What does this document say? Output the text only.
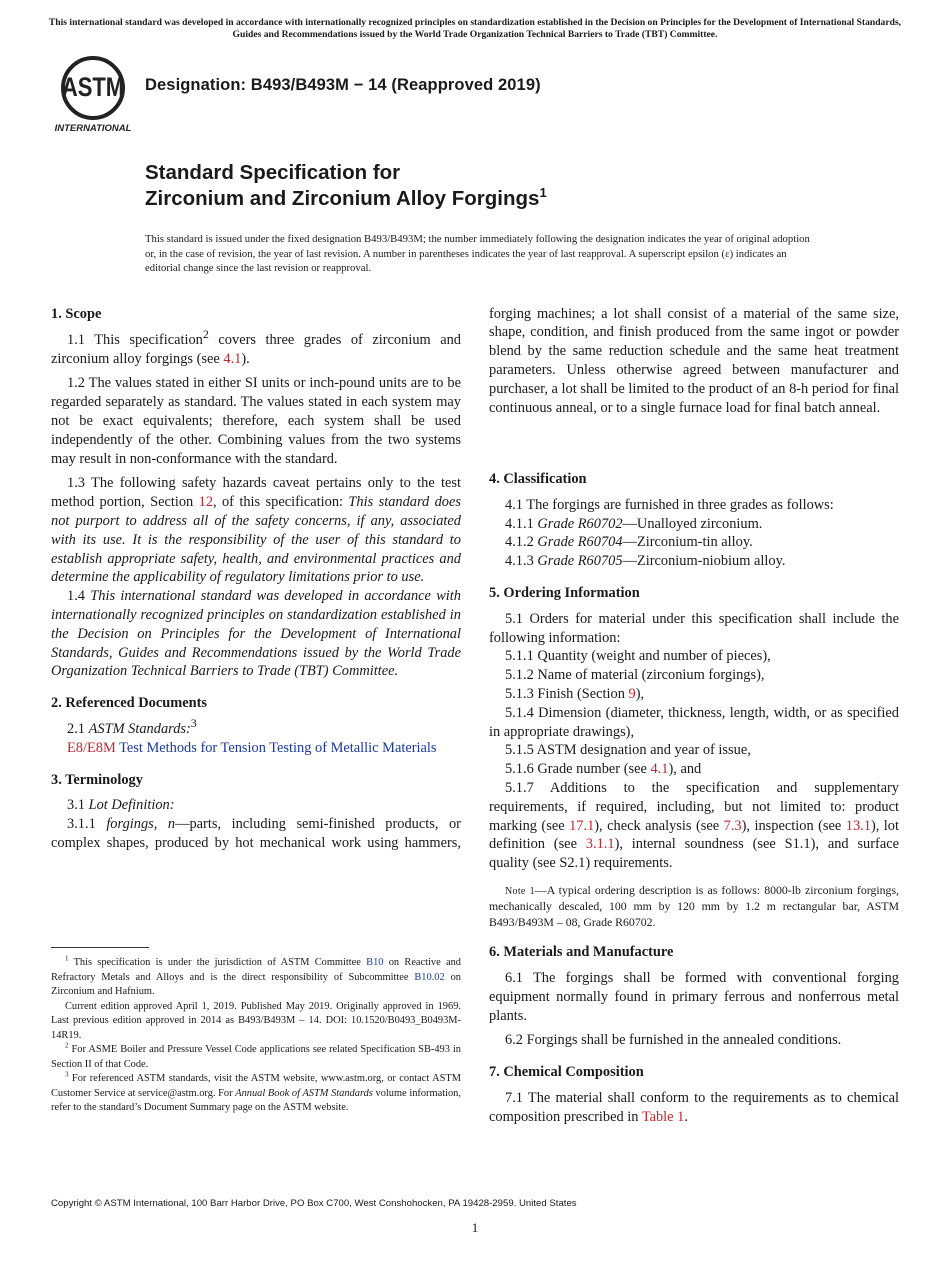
This international standard was developed in accordance with internationally recognized principles on standardization established in the Decision on Principles for the Development of International Standards, Guides and Recommendations issued by the World Trade Organization Technical Barriers to Trade (TBT) Committee.
ASTM
INTERNATIONAL
Designation: B493/B493M − 14 (Reapproved 2019)
Standard Specification for
Zirconium and Zirconium Alloy Forgings$^1$
This standard is issued under the fixed designation B493/B493M; the number immediately following the designation indicates the year of original adoption or, in the case of revision, the year of last revision. A number in parentheses indicates the year of last reapproval. A superscript epsilon (ε) indicates an editorial change since the last revision or reapproval.
1. Scope

1.1 This specification$^2$ covers three grades of zirconium and zirconium alloy forgings (see 4.1).

1.2 The values stated in either SI units or inch-pound units are to be regarded separately as standard. The values stated in each system may not be exact equivalents; therefore, each system shall be used independently of the other. Combining values from the two systems may result in non-conformance with the standard.

1.3 The following safety hazards caveat pertains only to the test method portion, Section 12, of this specification: This standard does not purport to address all of the safety concerns, if any, associated with its use. It is the responsibility of the user of this standard to establish appropriate safety, health, and environmental practices and determine the applicability of regulatory limitations prior to use.

1.4 This international standard was developed in accordance with internationally recognized principles on standardization established in the Decision on Principles for the Development of International Standards, Guides and Recommendations issued by the World Trade Organization Technical Barriers to Trade (TBT) Committee.

2. Referenced Documents

2.1 ASTM Standards:$^3$

E8/E8M Test Methods for Tension Testing of Metallic Materials

3. Terminology

3.1 Lot Definition:

3.1.1 forgings, n—parts, including semi-finished products, or complex shapes, produced by hot mechanical work using hammers,

$^1$ This specification is under the jurisdiction of ASTM Committee B10 on Reactive and Refractory Metals and Alloys and is the direct responsibility of Subcommittee B10.02 on Zirconium and Hafnium.

Current edition approved April 1, 2019. Published May 2019. Originally approved in 1969. Last previous edition approved in 2014 as B493/B493M – 14. DOI: 10.1520/B0493_B0493M-14R19.

$^2$ For ASME Boiler and Pressure Vessel Code applications see related Specification SB-493 in Section II of that Code.

$^3$ For referenced ASTM standards, visit the ASTM website, www.astm.org, or contact ASTM Customer Service at service@astm.org. For Annual Book of ASTM Standards volume information, refer to the standard’s Document Summary page on the ASTM website.

forging machines; a lot shall consist of a material of the same size, shape, condition, and finish produced from the same ingot or powder blend by the same reduction schedule and the same heat treatment parameters. Unless otherwise agreed between manufacturer and purchaser, a lot shall be limited to the product of an 8-h period for final continuous anneal, or to a single furnace load for final batch anneal.

4. Classification

4.1 The forgings are furnished in three grades as follows:

4.1.1 Grade R60702—Unalloyed zirconium.

4.1.2 Grade R60704—Zirconium-tin alloy.

4.1.3 Grade R60705—Zirconium-niobium alloy.

5. Ordering Information

5.1 Orders for material under this specification shall include the following information:

5.1.1 Quantity (weight and number of pieces),

5.1.2 Name of material (zirconium forgings),

5.1.3 Finish (Section 9),

5.1.4 Dimension (diameter, thickness, length, width, or as specified in appropriate drawings),

5.1.5 ASTM designation and year of issue,

5.1.6 Grade number (see 4.1), and

5.1.7 Additions to the specification and supplementary requirements, if required, including, but not limited to: product marking (see 17.1), check analysis (see 7.3), inspection (see 13.1), lot definition (see 3.1.1), internal soundness (see S1.1), and surface quality (see S2.1) requirements.

Note 1—A typical ordering description is as follows: 8000-lb zirconium forgings, mechanically descaled, 100 mm by 120 mm by 1.2 m rectangular bar, ASTM B493/B493M – 08, Grade R60702.

6. Materials and Manufacture

6.1 The forgings shall be formed with conventional forging equipment normally found in primary ferrous and nonferrous metal plants.

6.2 Forgings shall be furnished in the annealed conditions.

7. Chemical Composition

7.1 The material shall conform to the requirements as to chemical composition prescribed in Table 1.

Copyright © ASTM International, 100 Barr Harbor Drive, PO Box C700, West Conshohocken, PA 19428-2959. United States
1
